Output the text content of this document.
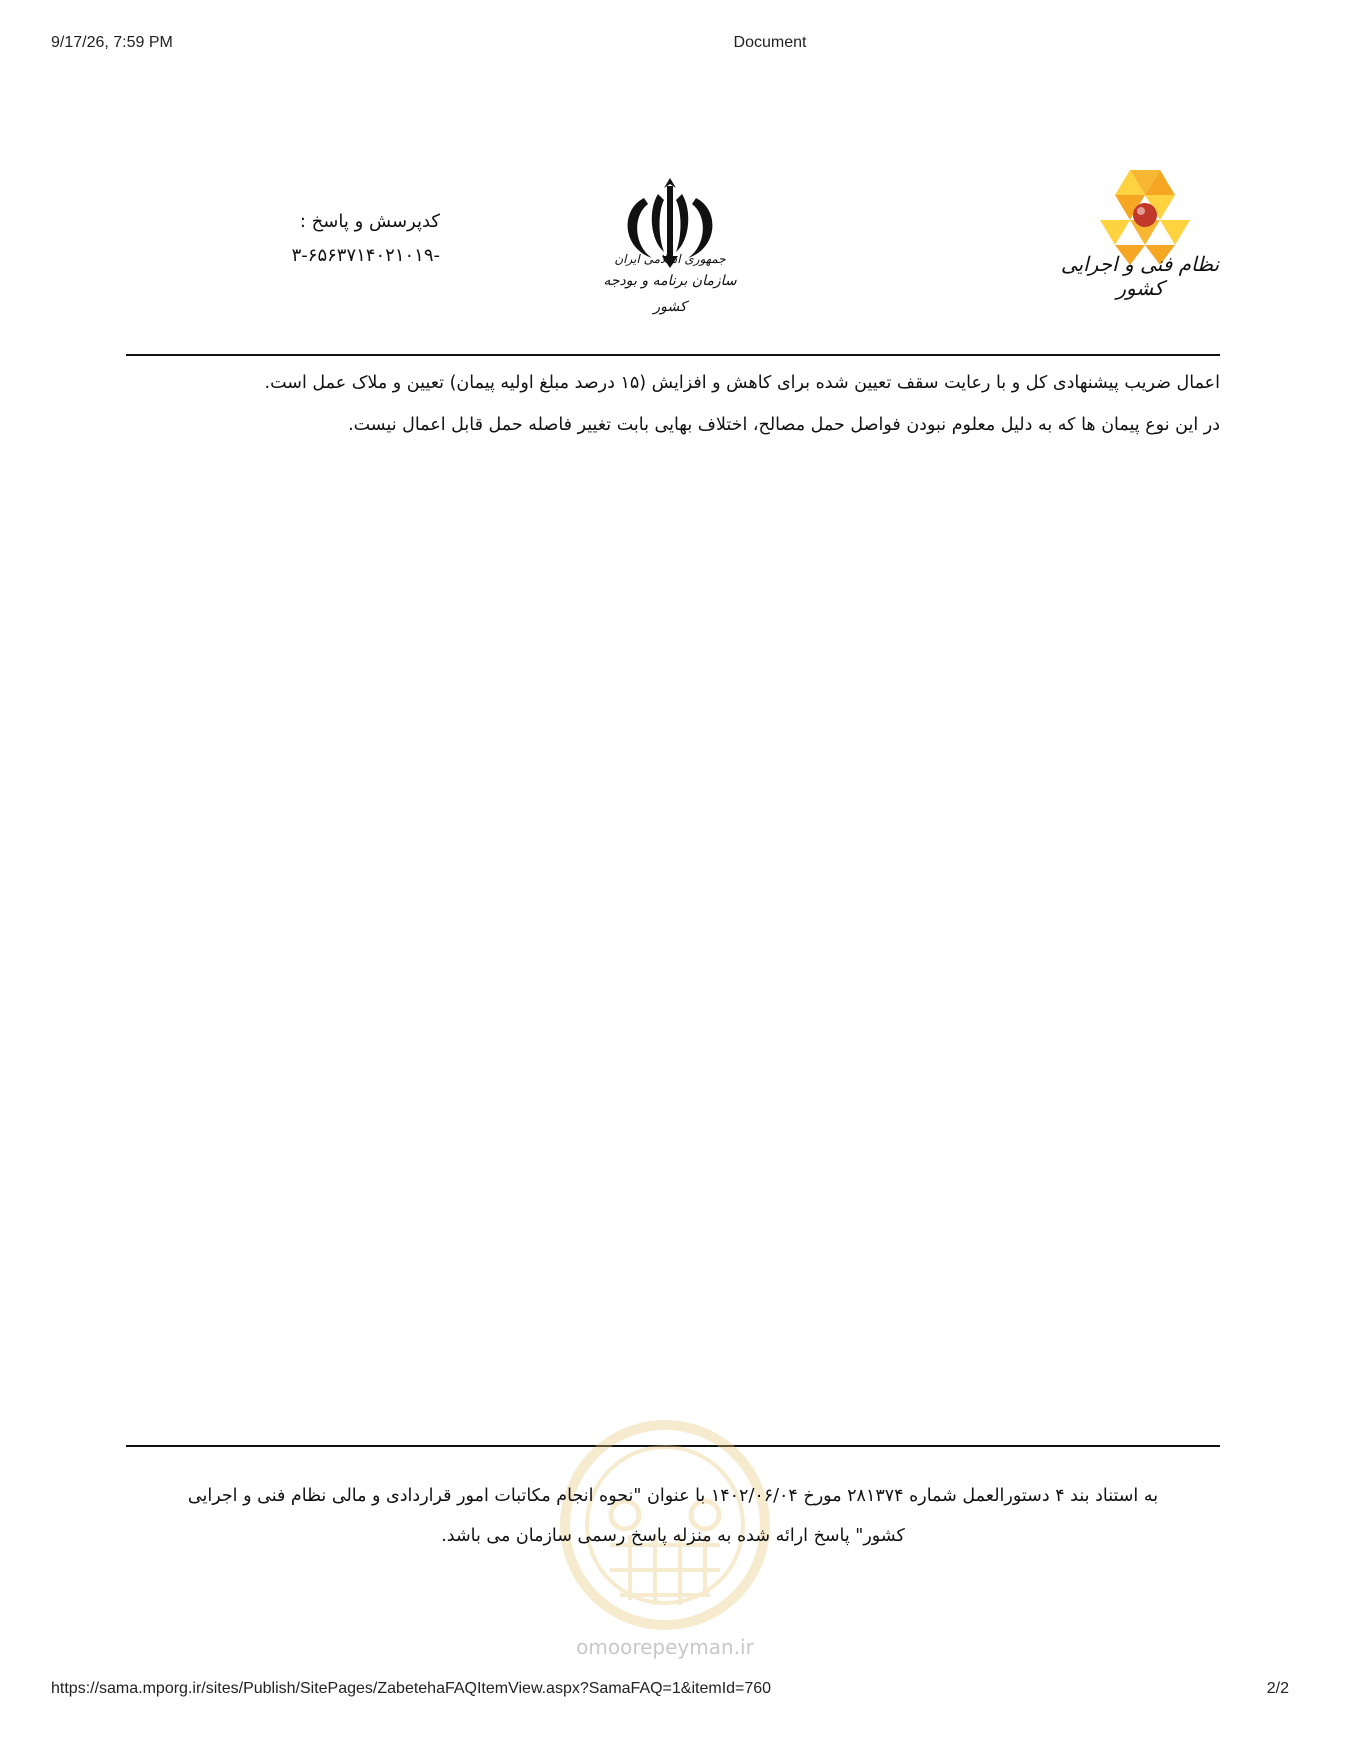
9/17/26, 7:59 PM	Document
کدپرسش و پاسخ :
-۳-۶۵۶۳۷۱۴۰۲۱۰۱۹	جمهوری اسلامی ایران
سازمان برنامه و بودجه کشور
نظام فنی و اجرایی کشور

اعمال ضریب پیشنهادی کل و با رعایت سقف تعیین شده برای کاهش و افزایش (۱۵ درصد مبلغ اولیه پیمان) تعیین و ملاک عمل است.

در این نوع پیمان ها که به دلیل معلوم نبودن فواصل حمل مصالح، اختلاف بهایی بابت تغییر فاصله حمل قابل اعمال نیست.

omoorepeyman.ir
به استناد بند ۴ دستورالعمل شماره ۲۸۱۳۷۴ مورخ ۱۴۰۲/۰۶/۰۴ با عنوان "نحوه انجام مکاتبات امور قراردادی و مالی نظام فنی و اجرایی
کشور" پاسخ ارائه شده به منزله پاسخ رسمی سازمان می باشد.
https://sama.mporg.ir/sites/Publish/SitePages/ZabetehaFAQItemView.aspx?SamaFAQ=1&itemId=760	2/2
